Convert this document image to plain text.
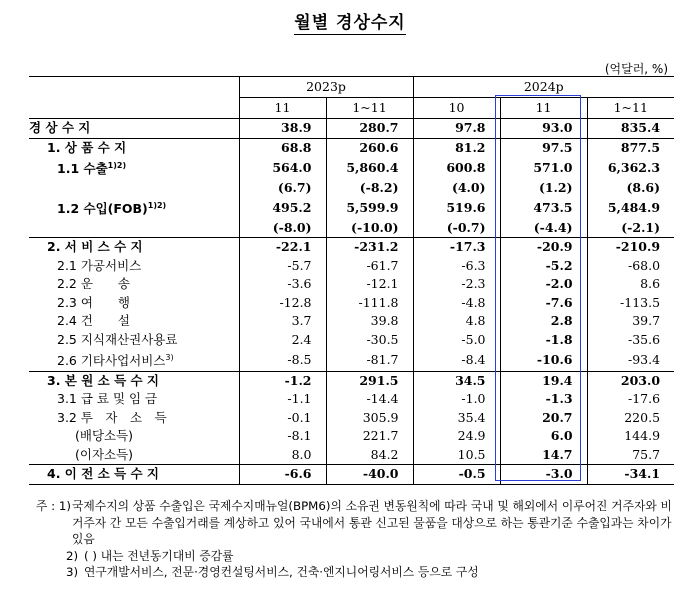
월별 경상수지
(억달러, %)
	2023p		2024p		
	11	1~11	10	11	1~11
경 상 수 지	38.9	280.7	97.8	93.0	835.4
1. 상 품 수 지	68.8	260.6	81.2	97.5	877.5
1.1 수출$^{1)2)}$	564.0	5,860.4	600.8	571.0	6,362.3
	(6.7)	(-8.2)	(4.0)	(1.2)	(8.6)
1.2 수입(FOB)$^{1)2)}$	495.2	5,599.9	519.6	473.5	5,484.9
	(-8.0)	(-10.0)	(-0.7)	(-4.4)	(-2.1)
2. 서 비 스 수 지	-22.1	-231.2	-17.3	-20.9	-210.9
2.1 가공서비스	-5.7	-61.7	-6.3	-5.2	-68.0
2.2 운　　송	-3.6	-12.1	-2.3	-2.0	8.6
2.3 여　　행	-12.8	-111.8	-4.8	-7.6	-113.5
2.4 건　　설	3.7	39.8	4.8	2.8	39.7
2.5 지식재산권사용료	2.4	-30.5	-5.0	-1.8	-35.6
2.6 기타사업서비스$^{3)}$	-8.5	-81.7	-8.4	-10.6	-93.4
3. 본 원 소 득 수 지	-1.2	291.5	34.5	19.4	203.0
3.1 급 료 및 임 금	-1.1	-14.4	-1.0	-1.3	-17.6
3.2 투　자　소　득	-0.1	305.9	35.4	20.7	220.5
(배당소득)	-8.1	221.7	24.9	6.0	144.9
(이자소득)	8.0	84.2	10.5	14.7	75.7
4. 이 전 소 득 수 지	-6.6	-40.0	-0.5	-3.0	-34.1
주 : 1) 국제수지의 상품 수출입은 국제수지매뉴얼(BPM6)의 소유권 변동원칙에 따라 국내 및 해외에서 이루어진 거주자와 비거주자 간 모든 수출입거래를 계상하고 있어 국내에서 통관 신고된 물품을 대상으로 하는 통관기준 수출입과는 차이가 있음
2) ( ) 내는 전년동기대비 증감률
3) 연구개발서비스, 전문·경영컨설팅서비스, 건축·엔지니어링서비스 등으로 구성
